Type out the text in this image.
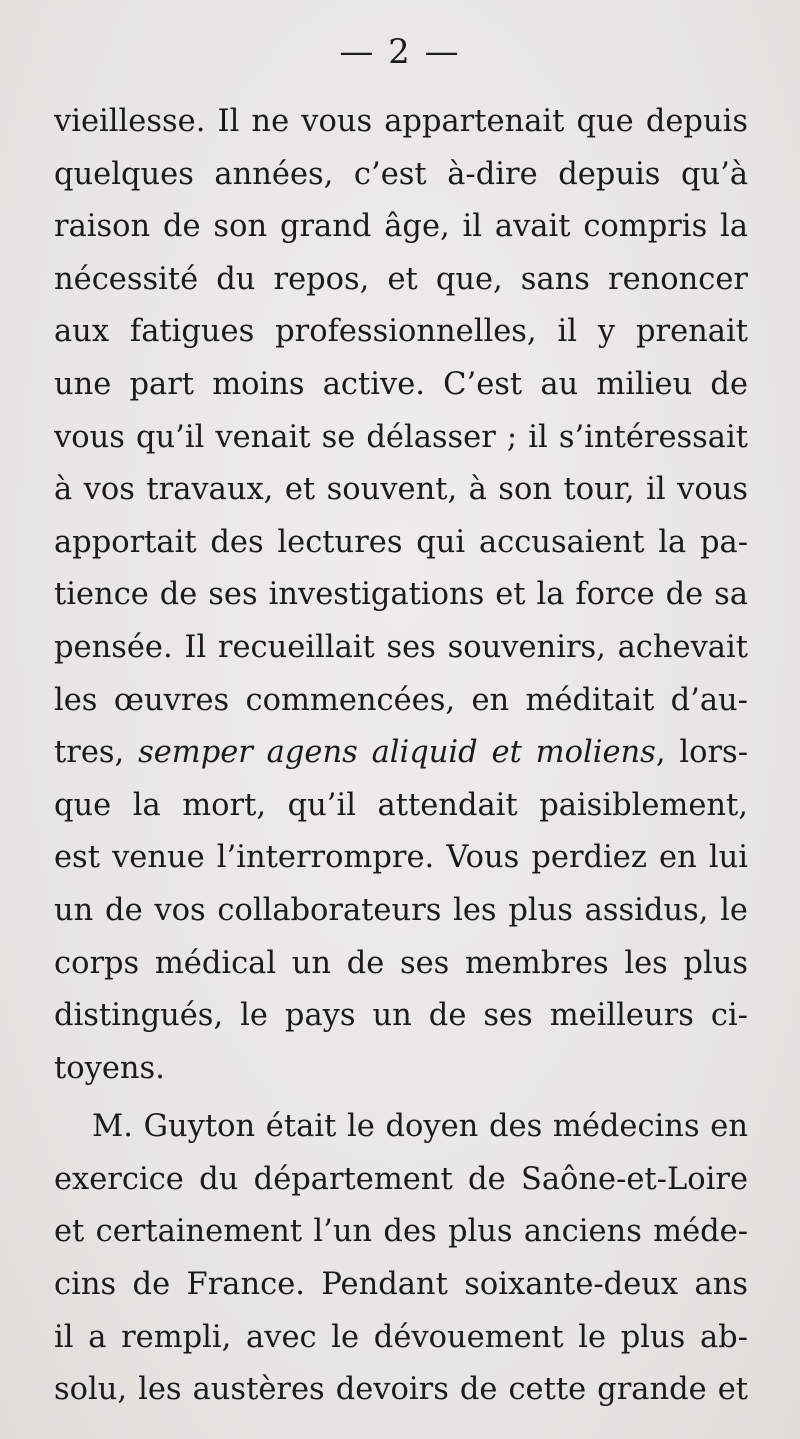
— 2 —
vieillesse. Il ne vous appartenait que depuis
quelques années, c’est à-dire depuis qu’à
raison de son grand âge, il avait compris la
nécessité du repos, et que, sans renoncer
aux fatigues professionnelles, il y prenait
une part moins active. C’est au milieu de
vous qu’il venait se délasser ; il s’intéressait
à vos travaux, et souvent, à son tour, il vous
apportait des lectures qui accusaient la pa-
tience de ses investigations et la force de sa
pensée. Il recueillait ses souvenirs, achevait
les œuvres commencées, en méditait d’au-
tres, semper agens aliquid et moliens, lors-
que la mort, qu’il attendait paisiblement,
est venue l’interrompre. Vous perdiez en lui
un de vos collaborateurs les plus assidus, le
corps médical un de ses membres les plus
distingués, le pays un de ses meilleurs ci-
toyens.
M. Guyton était le doyen des médecins en
exercice du département de Saône-et-Loire
et certainement l’un des plus anciens méde-
cins de France. Pendant soixante-deux ans
il a rempli, avec le dévouement le plus ab-
solu, les austères devoirs de cette grande et
